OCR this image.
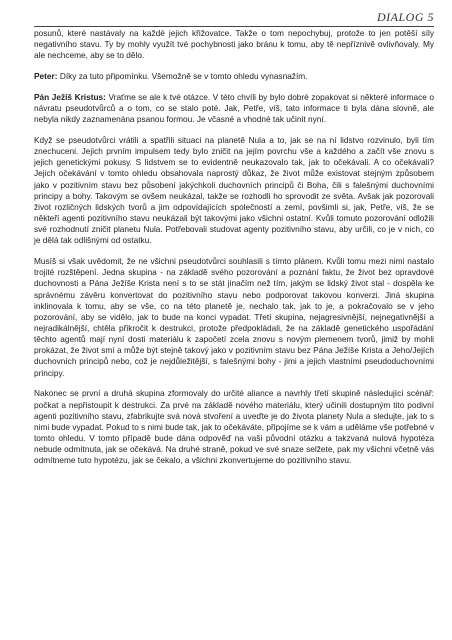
DIALOG 5

posunů, které nastávaly na každé jejich křižovatce. Takže o tom nepochybuj, protože to jen potěší síly negativního stavu. Ty by mohly využít tvé pochybnosti jako bránu k tomu, aby tě nepříznivě ovlivňovaly. My ale nechceme, aby se to dělo.

Peter: Díky za tuto připomínku. Všemožně se v tomto ohledu vynasnažím.

Pán Ježíš Kristus: Vraťme se ale k tvé otázce. V této chvíli by bylo dobré zopakovat si některé informace o návratu pseudotvůrců a o tom, co se stalo poté. Jak, Petře, víš, tato informace ti byla dána slovně, ale nebyla nikdy zaznamenána psanou formou. Je včasné a vhodné tak učinit nyní.

Když se pseudotvůrci vrátili a spatřili situaci na planetě Nula a to, jak se na ní lidstvo rozvinulo, byli tím znechuceni. Jejich prvním impulsem tedy bylo zničit na jejím povrchu vše a každého a začít vše znovu s jejich genetickými pokusy. S lidstvem se to evidentně neukazovalo tak, jak to očekávali. A co očekávali? Jejich očekávání v tomto ohledu obsahovala naprostý důkaz, že život může existovat stejným způsobem jako v pozitivním stavu bez působení jakýchkoli duchovních principů či Boha, čili s falešnými duchovními principy a bohy. Takovým se ovšem neukázal, takže se rozhodli ho sprovodit ze světa. Avšak jak pozorovali život rozličných lidských tvorů a jim odpovídajících společností a zemí, povšimli si, jak, Petře, víš, že se někteří agenti pozitivního stavu neukázali být takovými jako všichni ostatní. Kvůli tomuto pozorování odložili své rozhodnutí zničit planetu Nula. Potřebovali studovat agenty pozitivního stavu, aby určili, co je v nich, co je dělá tak odlišnými od ostatku.

Musíš si však uvědomit, že ne všichni pseudotvůrci souhlasili s tímto plánem. Kvůli tomu mezi nimi nastalo trojité rozštěpení. Jedna skupina - na základě svého pozorování a poznání faktu, že život bez opravdové duchovnosti a Pána Ježíše Krista není s to se stát jinačím než tím, jakým se lidský život stal - dospěla ke správnému závěru konvertovat do pozitivního stavu nebo podporovat takovou konverzi. Jiná skupina inklinovala k tomu, aby se vše, co na této planetě je, nechalo tak, jak to je, a pokračovalo se v jeho pozorování, aby se vidělo, jak to bude na konci vypadat. Třetí skupina, nejagresivnější, nejnegativnější a nejradikálnější, chtěla přikročit k destrukci, protože předpokládali, že na základě genetického uspořádání těchto agentů mají nyní dosti materiálu k započetí zcela znovu s novým plemenem tvorů, jimiž by mohli prokázat, že život smí a může být stejně takový jako v pozitivním stavu bez Pána Ježíše Krista a Jeho/Jejích duchovních principů nebo, což je nejdůležitější, s falešnými bohy - jimi a jejich vlastními pseudoduchovními principy.

Nakonec se první a druhá skupina zformovaly do určité aliance a navrhly třetí skupině následující scénář: počkat a nepřistoupit k destrukci. Za prvé na základě nového materiálu, který učinili dostupným tito podivní agenti pozitivního stavu, zfabrikujte svá nová stvoření a uveďte je do života planety Nula a sledujte, jak to s nimi bude vypadat. Pokud to s nimi bude tak, jak to očekáváte, připojíme se k vám a uděláme vše potřebné v tomto ohledu. V tomto případě bude dána odpověď na vaši původní otázku a takzvaná nulová hypotéza nebude odmítnuta, jak se očekává. Na druhé straně, pokud ve své snaze selžete, pak my všichni včetně vás odmítneme tuto hypotézu, jak se čekalo, a všichni zkonvertujeme do pozitivního stavu.
